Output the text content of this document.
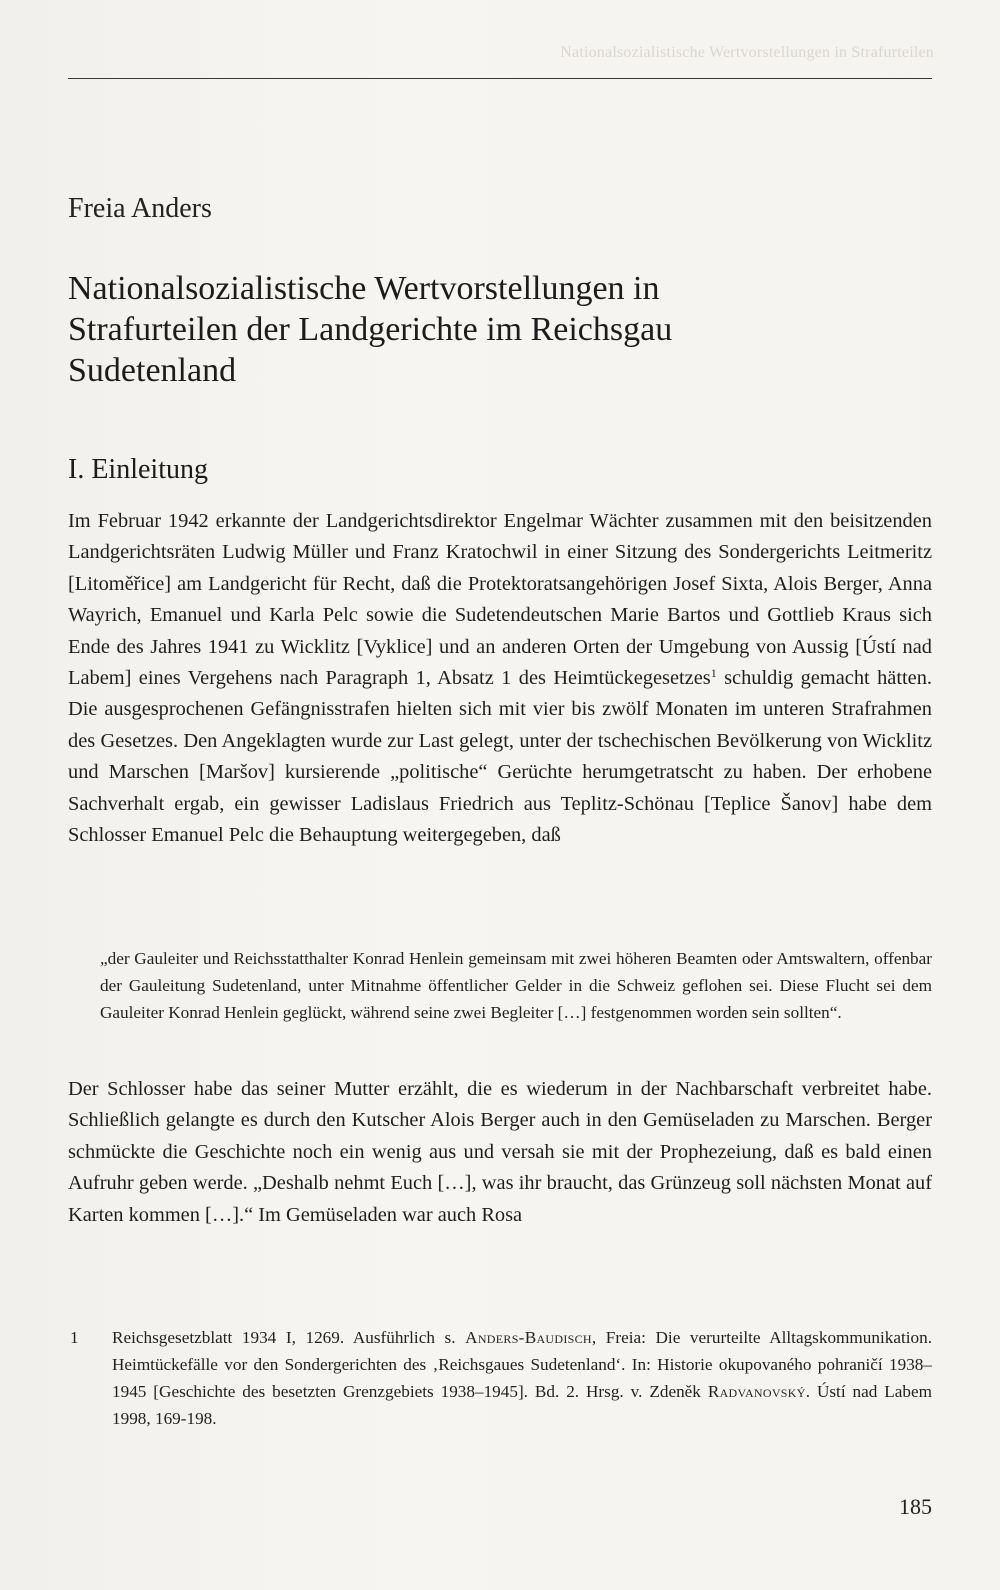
Nationalsozialistische Wertvorstellungen in Strafurteilen
Freia Anders
Nationalsozialistische Wertvorstellungen in
Strafurteilen der Landgerichte im Reichsgau
Sudetenland
I. Einleitung

Im Februar 1942 erkannte der Landgerichtsdirektor Engelmar Wächter zusammen mit den beisitzenden Landgerichtsräten Ludwig Müller und Franz Kratochwil in einer Sitzung des Sondergerichts Leitmeritz [Litoměřice] am Landgericht für Recht, daß die Protektoratsangehörigen Josef Sixta, Alois Berger, Anna Wayrich, Emanuel und Karla Pelc sowie die Sudetendeutschen Marie Bartos und Gottlieb Kraus sich Ende des Jahres 1941 zu Wicklitz [Vyklice] und an anderen Orten der Umgebung von Aussig [Ústí nad Labem] eines Vergehens nach Paragraph 1, Absatz 1 des Heimtückegesetzes$^1$ schuldig gemacht hätten. Die ausgesprochenen Gefängnisstrafen hielten sich mit vier bis zwölf Monaten im unteren Strafrahmen des Gesetzes. Den Angeklagten wurde zur Last gelegt, unter der tschechischen Bevölkerung von Wicklitz und Marschen [Maršov] kursierende „politische“ Gerüchte herumgetratscht zu haben. Der erhobene Sachverhalt ergab, ein gewisser Ladislaus Friedrich aus Teplitz-Schönau [Teplice Šanov] habe dem Schlosser Emanuel Pelc die Behauptung weitergegeben, daß

„der Gauleiter und Reichsstatthalter Konrad Henlein gemeinsam mit zwei höheren Beamten oder Amtswaltern, offenbar der Gauleitung Sudetenland, unter Mitnahme öffentlicher Gelder in die Schweiz geflohen sei. Diese Flucht sei dem Gauleiter Konrad Henlein geglückt, während seine zwei Begleiter […] festgenommen worden sein sollten“.

Der Schlosser habe das seiner Mutter erzählt, die es wiederum in der Nachbarschaft verbreitet habe. Schließlich gelangte es durch den Kutscher Alois Berger auch in den Gemüseladen zu Marschen. Berger schmückte die Geschichte noch ein wenig aus und versah sie mit der Prophezeiung, daß es bald einen Aufruhr geben werde. „Deshalb nehmt Euch […], was ihr braucht, das Grünzeug soll nächsten Monat auf Karten kommen […].“ Im Gemüseladen war auch Rosa

1 Reichsgesetzblatt 1934 I, 1269. Ausführlich s. Anders-Baudisch, Freia: Die verurteilte Alltagskommunikation. Heimtückefälle vor den Sondergerichten des ‚Reichsgaues Sudetenland‘. In: Historie okupovaného pohraničí 1938–1945 [Geschichte des besetzten Grenzgebiets 1938–1945]. Bd. 2. Hrsg. v. Zdeněk Radvanovský. Ústí nad Labem 1998, 169-198.

185
